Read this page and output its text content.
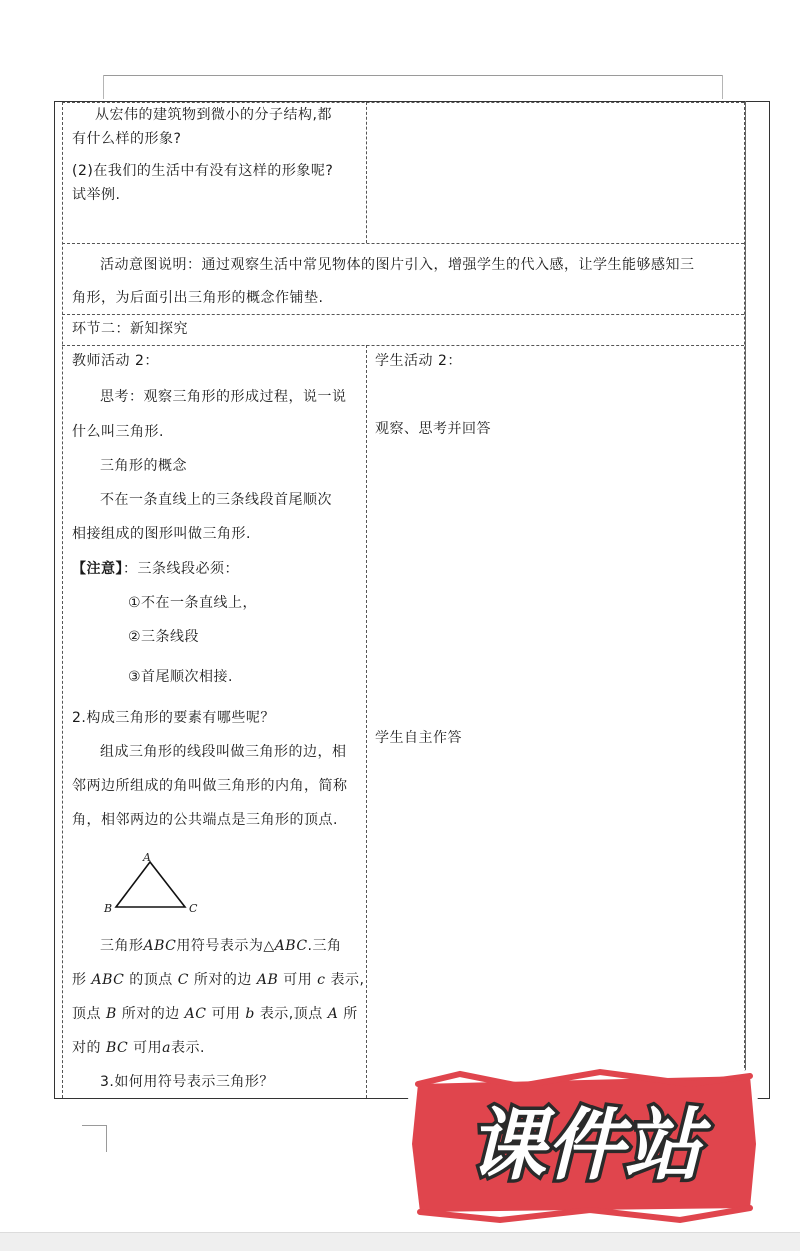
从宏伟的建筑物到微小的分子结构,都
有什么样的形象?
(2)在我们的生活中有没有这样的形象呢?
试举例.
活动意图说明：通过观察生活中常见物体的图片引入，增强学生的代入感，让学生能够感知三
角形，为后面引出三角形的概念作铺垫.
环节二：新知探究
教师活动 2：
思考：观察三角形的形成过程，说一说
什么叫三角形.
三角形的概念
不在一条直线上的三条线段首尾顺次
相接组成的图形叫做三角形.
【注意】：三条线段必须：
①不在一条直线上，
②三条线段
③首尾顺次相接.
2.构成三角形的要素有哪些呢？
组成三角形的线段叫做三角形的边，相
邻两边所组成的角叫做三角形的内角，简称
角，相邻两边的公共端点是三角形的顶点.
A
B	C
三角形ABC用符号表示为△ABC.三角
形 ABC 的顶点 C 所对的边 AB 可用 c 表示,
顶点 B 所对的边 AC 可用 b 表示,顶点 A 所
对的 BC 可用a表示.
3.如何用符号表示三角形？
学生活动 2：
观察、思考并回答
学生自主作答
课件站
